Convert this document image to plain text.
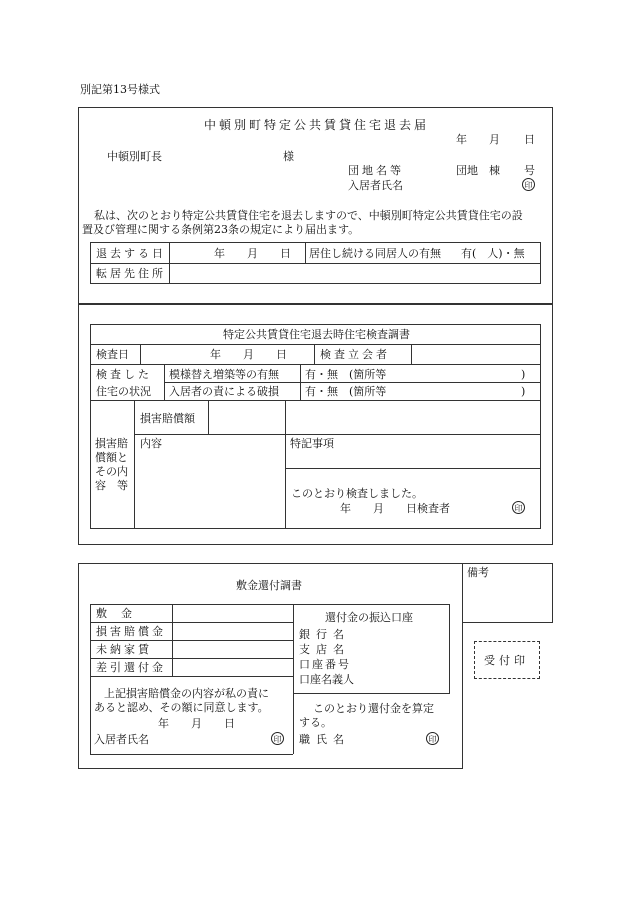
別記第13号様式
中頓別町特定公共賃貸住宅退去届
年 月 日
中頓別町長	様
団地名等	団地 棟 号
入居者氏名	印
私は、次のとおり特定公共賃貸住宅を退去しますので、中頓別町特定公共賃貸住宅の設
置及び管理に関する条例第23条の規定により届出ます。
退去する日	年　　月　　日 居住し続ける同居人の有無 有(　人)・無
転居先住所
特定公共賃貸住宅退去時住宅検査調書
検査日	年　　月　　日	検査立会者
検査した
住宅の状況
模様替え増築等の有無 有・無　(箇所等	)
入居者の責による破損 有・無　(箇所等	)
損害賠償額
損害賠
償額と
その内
容　等
内容	特記事項
このとおり検査しました。
年　　月　　日検査者	印
備考
敷金還付調書
敷金
損害賠償金
未納家賃
差引還付金
上記損害賠償金の内容が私の責に
あると認め、その額に同意します。
年　　月　　日
入居者氏名	印
還付金の振込口座
銀行名
支店名
口座番号
口座名義人
このとおり還付金を算定
する。
職氏名	印
受付印
